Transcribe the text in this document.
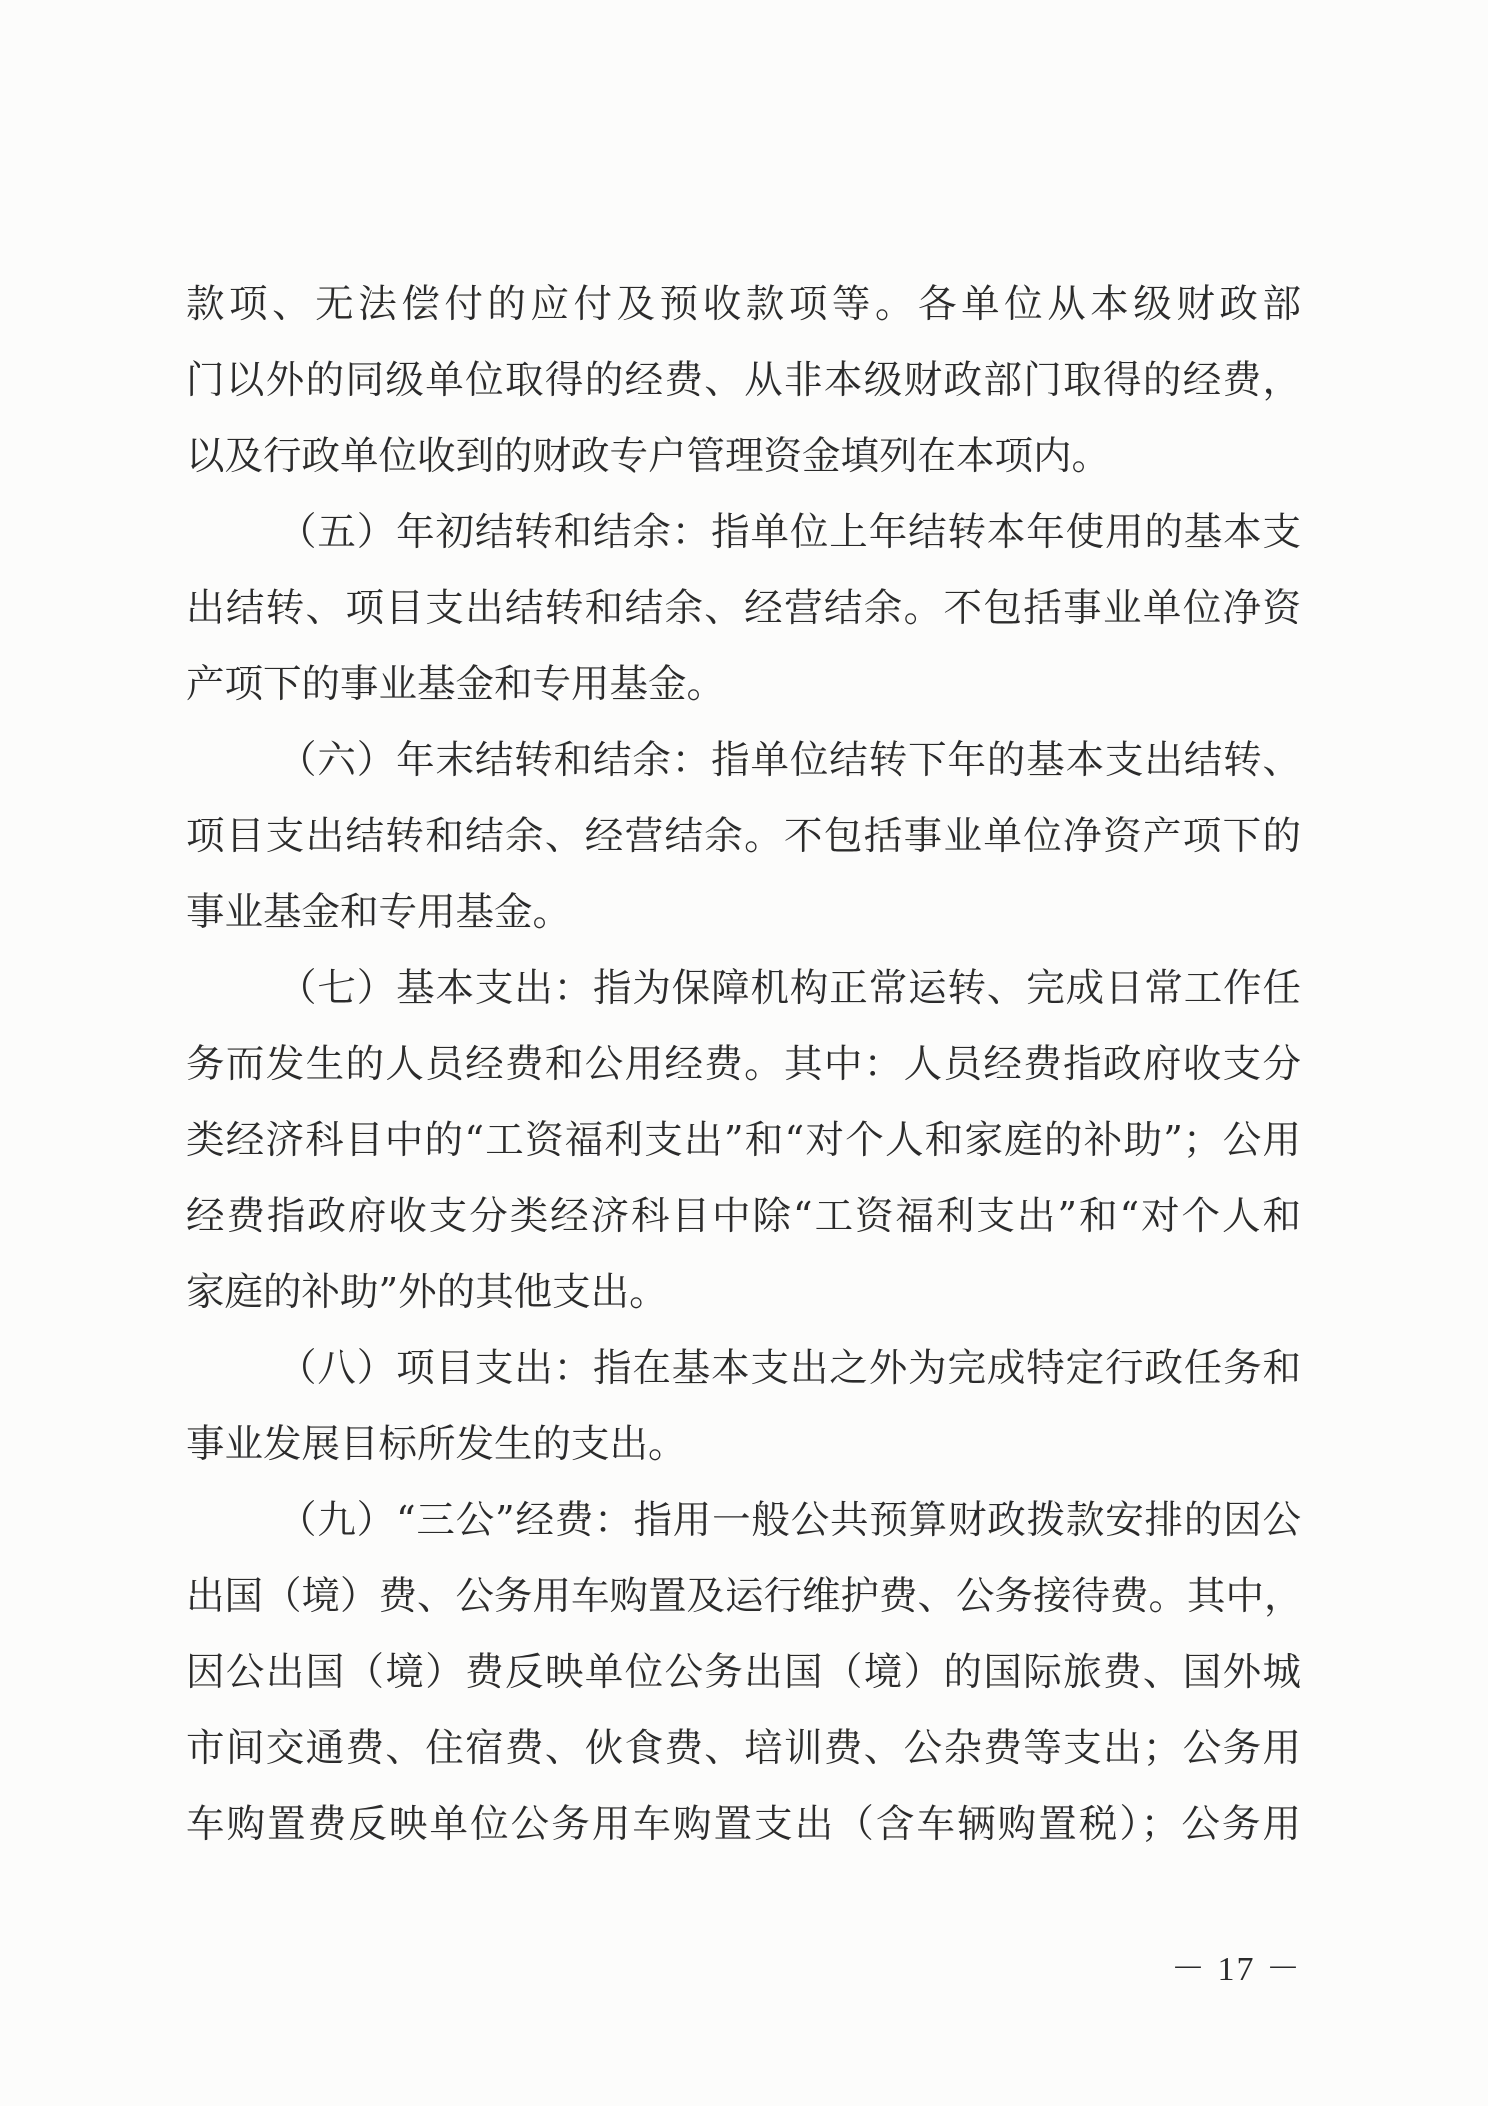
款项、无法偿付的应付及预收款项等。各单位从本级财政部
门以外的同级单位取得的经费、从非本级财政部门取得的经费，
以及行政单位收到的财政专户管理资金填列在本项内。
（五）年初结转和结余：指单位上年结转本年使用的基本支
出结转、项目支出结转和结余、经营结余。不包括事业单位净资
产项下的事业基金和专用基金。
（六）年末结转和结余：指单位结转下年的基本支出结转、
项目支出结转和结余、经营结余。不包括事业单位净资产项下的
事业基金和专用基金。
（七）基本支出：指为保障机构正常运转、完成日常工作任
务而发生的人员经费和公用经费。其中：人员经费指政府收支分
类经济科目中的“工资福利支出”和“对个人和家庭的补助”；公用
经费指政府收支分类经济科目中除“工资福利支出”和“对个人和
家庭的补助”外的其他支出。
（八）项目支出：指在基本支出之外为完成特定行政任务和
事业发展目标所发生的支出。
（九）“三公”经费：指用一般公共预算财政拨款安排的因公
出国（境）费、公务用车购置及运行维护费、公务接待费。其中，
因公出国（境）费反映单位公务出国（境）的国际旅费、国外城
市间交通费、住宿费、伙食费、培训费、公杂费等支出；公务用
车购置费反映单位公务用车购置支出（含车辆购置税）；公务用
－ 17 －
